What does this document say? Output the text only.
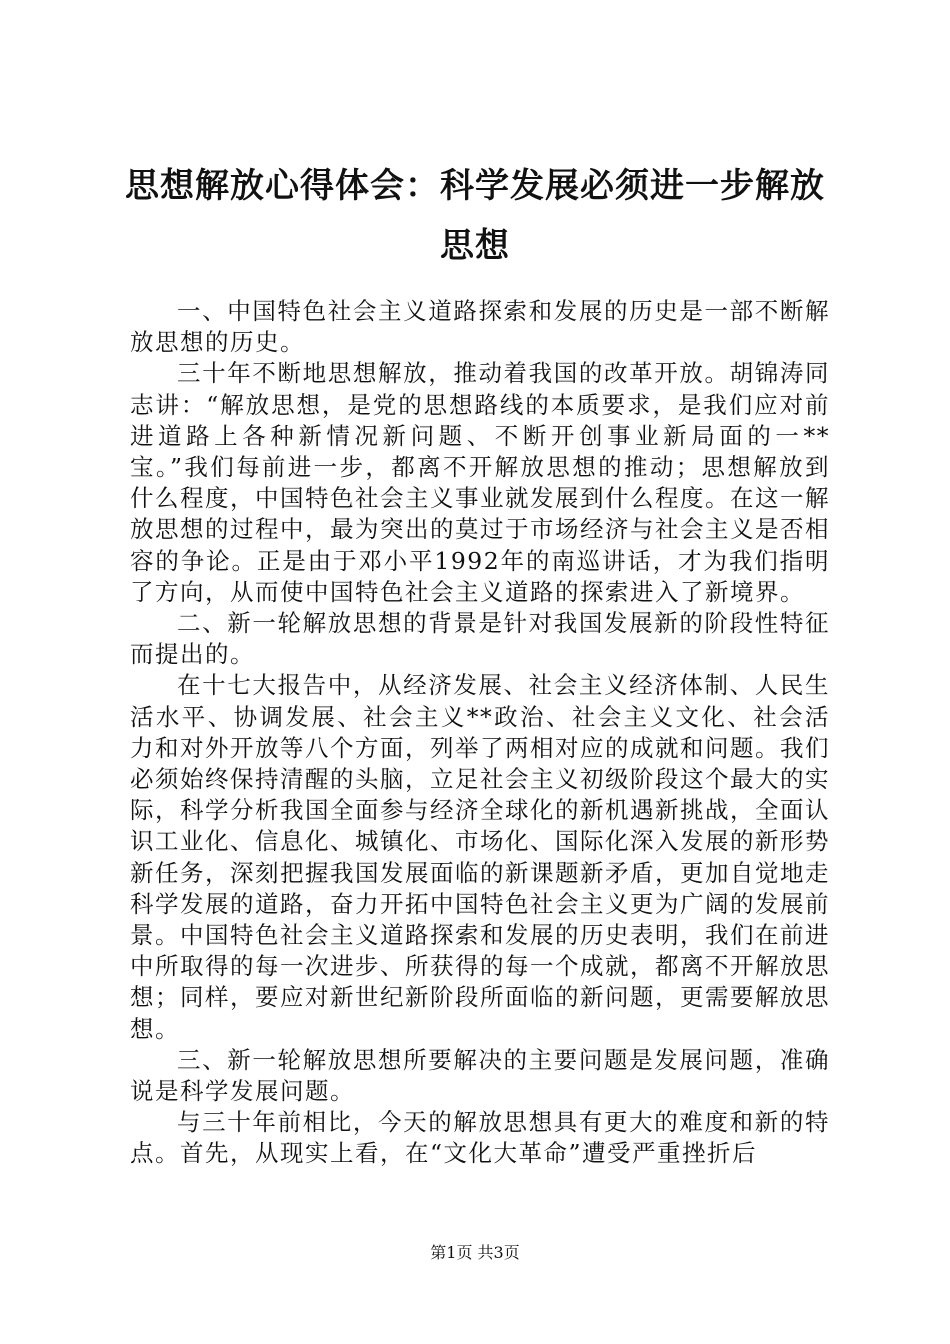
思想解放心得体会：科学发展必须进一步解放思想

一、中国特色社会主义道路探索和发展的历史是一部不断解放思想的历史。

三十年不断地思想解放，推动着我国的改革开放。胡锦涛同志讲：“解放思想，是党的思想路线的本质要求，是我们应对前进道路上各种新情况新问题、不断开创事业新局面的一**宝。”我们每前进一步，都离不开解放思想的推动；思想解放到什么程度，中国特色社会主义事业就发展到什么程度。在这一解放思想的过程中，最为突出的莫过于市场经济与社会主义是否相容的争论。正是由于邓小平1992年的南巡讲话，才为我们指明了方向，从而使中国特色社会主义道路的探索进入了新境界。

二、新一轮解放思想的背景是针对我国发展新的阶段性特征而提出的。

在十七大报告中，从经济发展、社会主义经济体制、人民生活水平、协调发展、社会主义**政治、社会主义文化、社会活力和对外开放等八个方面，列举了两相对应的成就和问题。我们必须始终保持清醒的头脑，立足社会主义初级阶段这个最大的实际，科学分析我国全面参与经济全球化的新机遇新挑战，全面认识工业化、信息化、城镇化、市场化、国际化深入发展的新形势新任务，深刻把握我国发展面临的新课题新矛盾，更加自觉地走科学发展的道路，奋力开拓中国特色社会主义更为广阔的发展前景。中国特色社会主义道路探索和发展的历史表明，我们在前进中所取得的每一次进步、所获得的每一个成就，都离不开解放思想；同样，要应对新世纪新阶段所面临的新问题，更需要解放思想。

三、新一轮解放思想所要解决的主要问题是发展问题，准确说是科学发展问题。

与三十年前相比，今天的解放思想具有更大的难度和新的特点。首先，从现实上看，在“文化大革命”遭受严重挫折后

第1页 共3页
